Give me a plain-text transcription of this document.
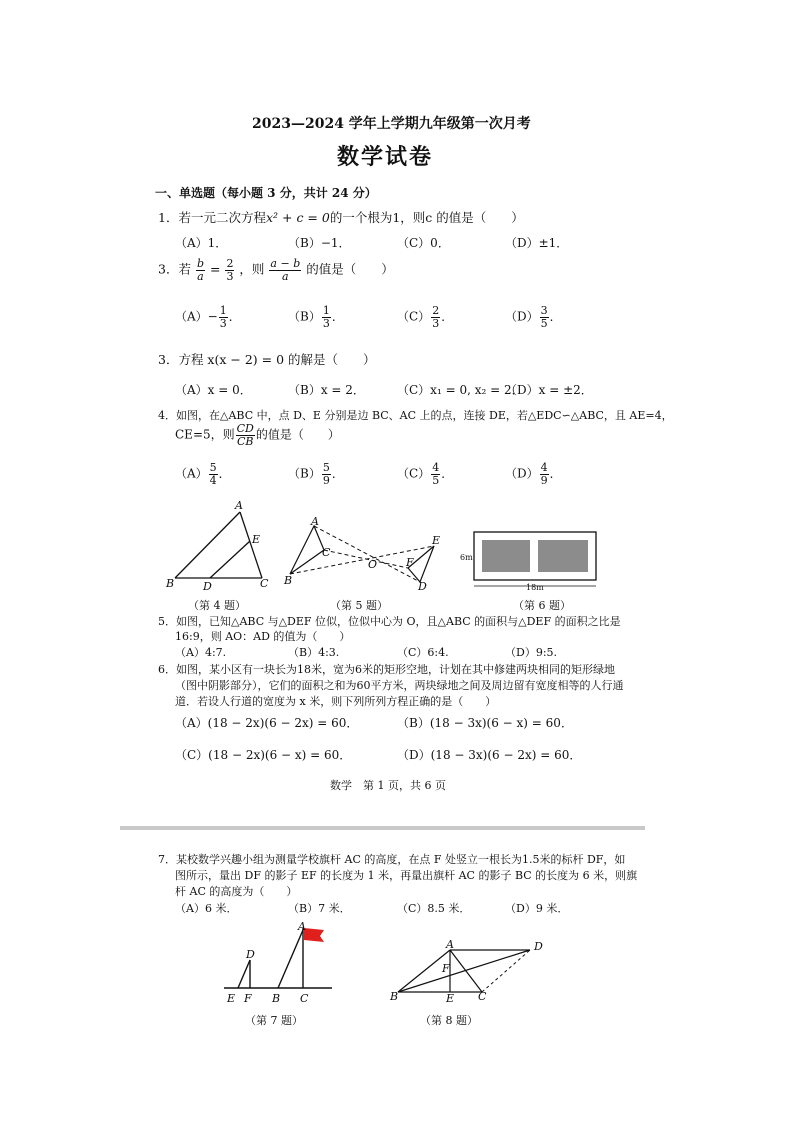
2023—2024 学年上学期九年级第一次月考
数学试卷
一、单选题（每小题 3 分，共计 24 分）
1．若一元二次方程x² + c = 0的一个根为1，则c 的值是（　　）
（A）1．	（B）−1．	（C）0．	（D）±1．
3．若 $\frac{b}{a} = \frac{2}{3}$ ，则 $\frac{a - b}{a}$ 的值是（　　）
$(A)- \frac{1}{3}$ ．	$(B) \frac{1}{3}$ ．	$(C) \frac{2}{3}$ ．	$(D) \frac{3}{5}$ ．
3．方程 x(x − 2) = 0 的解是（　　）
（A）x = 0．	（B）x = 2．	（C）x₁ = 0, x₂ = 2．
（D）x = ±2．
4．如图，在△ABC 中，点 D、E 分别是边 BC、AC 上的点，连接 DE，若△EDC∽△ABC，且 AE=4，
CE=5，则 $\frac{CD}{CB}$ 的值是（　　）
$(A) \frac{5}{4}$ ．	$(B) \frac{5}{9}$ ．	$(C) \frac{4}{5}$ ．	$(D) \frac{4}{9}$ ．
A
E
B	D	C
（第 4 题）
A
C
B
O
E
F
D
（第 5 题）
6m
18m
（第 6 题）
5．如图，已知△ABC 与△DEF 位似，位似中心为 O，且△ABC 的面积与△DEF 的面积之比是
16:9，则 AO：AD 的值为（　　）
（A）4:7.	（B）4:3.	（C）6:4.	（D）9:5.
6．如图，某小区有一块长为18米，宽为6米的矩形空地，计划在其中修建两块相同的矩形绿地
（图中阴影部分），它们的面积之和为60平方米，两块绿地之间及周边留有宽度相等的人行通
道．若设人行道的宽度为 x 米，则下列所列方程正确的是（　　）
（A）(18 − 2x)(6 − 2x) = 60．	（B）(18 − 3x)(6 − x) = 60．
（C）(18 − 2x)(6 − x) = 60．	（D）(18 − 3x)(6 − 2x) = 60．
数学　第 1 页，共 6 页
7．某校数学兴趣小组为测量学校旗杆 AC 的高度，在点 F 处竖立一根长为1.5米的标杆 DF，如
图所示，量出 DF 的影子 EF 的长度为 1 米，再量出旗杆 AC 的影子 BC 的长度为 6 米，则旗
杆 AC 的高度为（　　）
（A）6 米．	（B）7 米．	（C）8.5 米．	（D）9 米．
D
A
E F B C
（第 7 题）
A	D
F
B	E C
（第 8 题）
